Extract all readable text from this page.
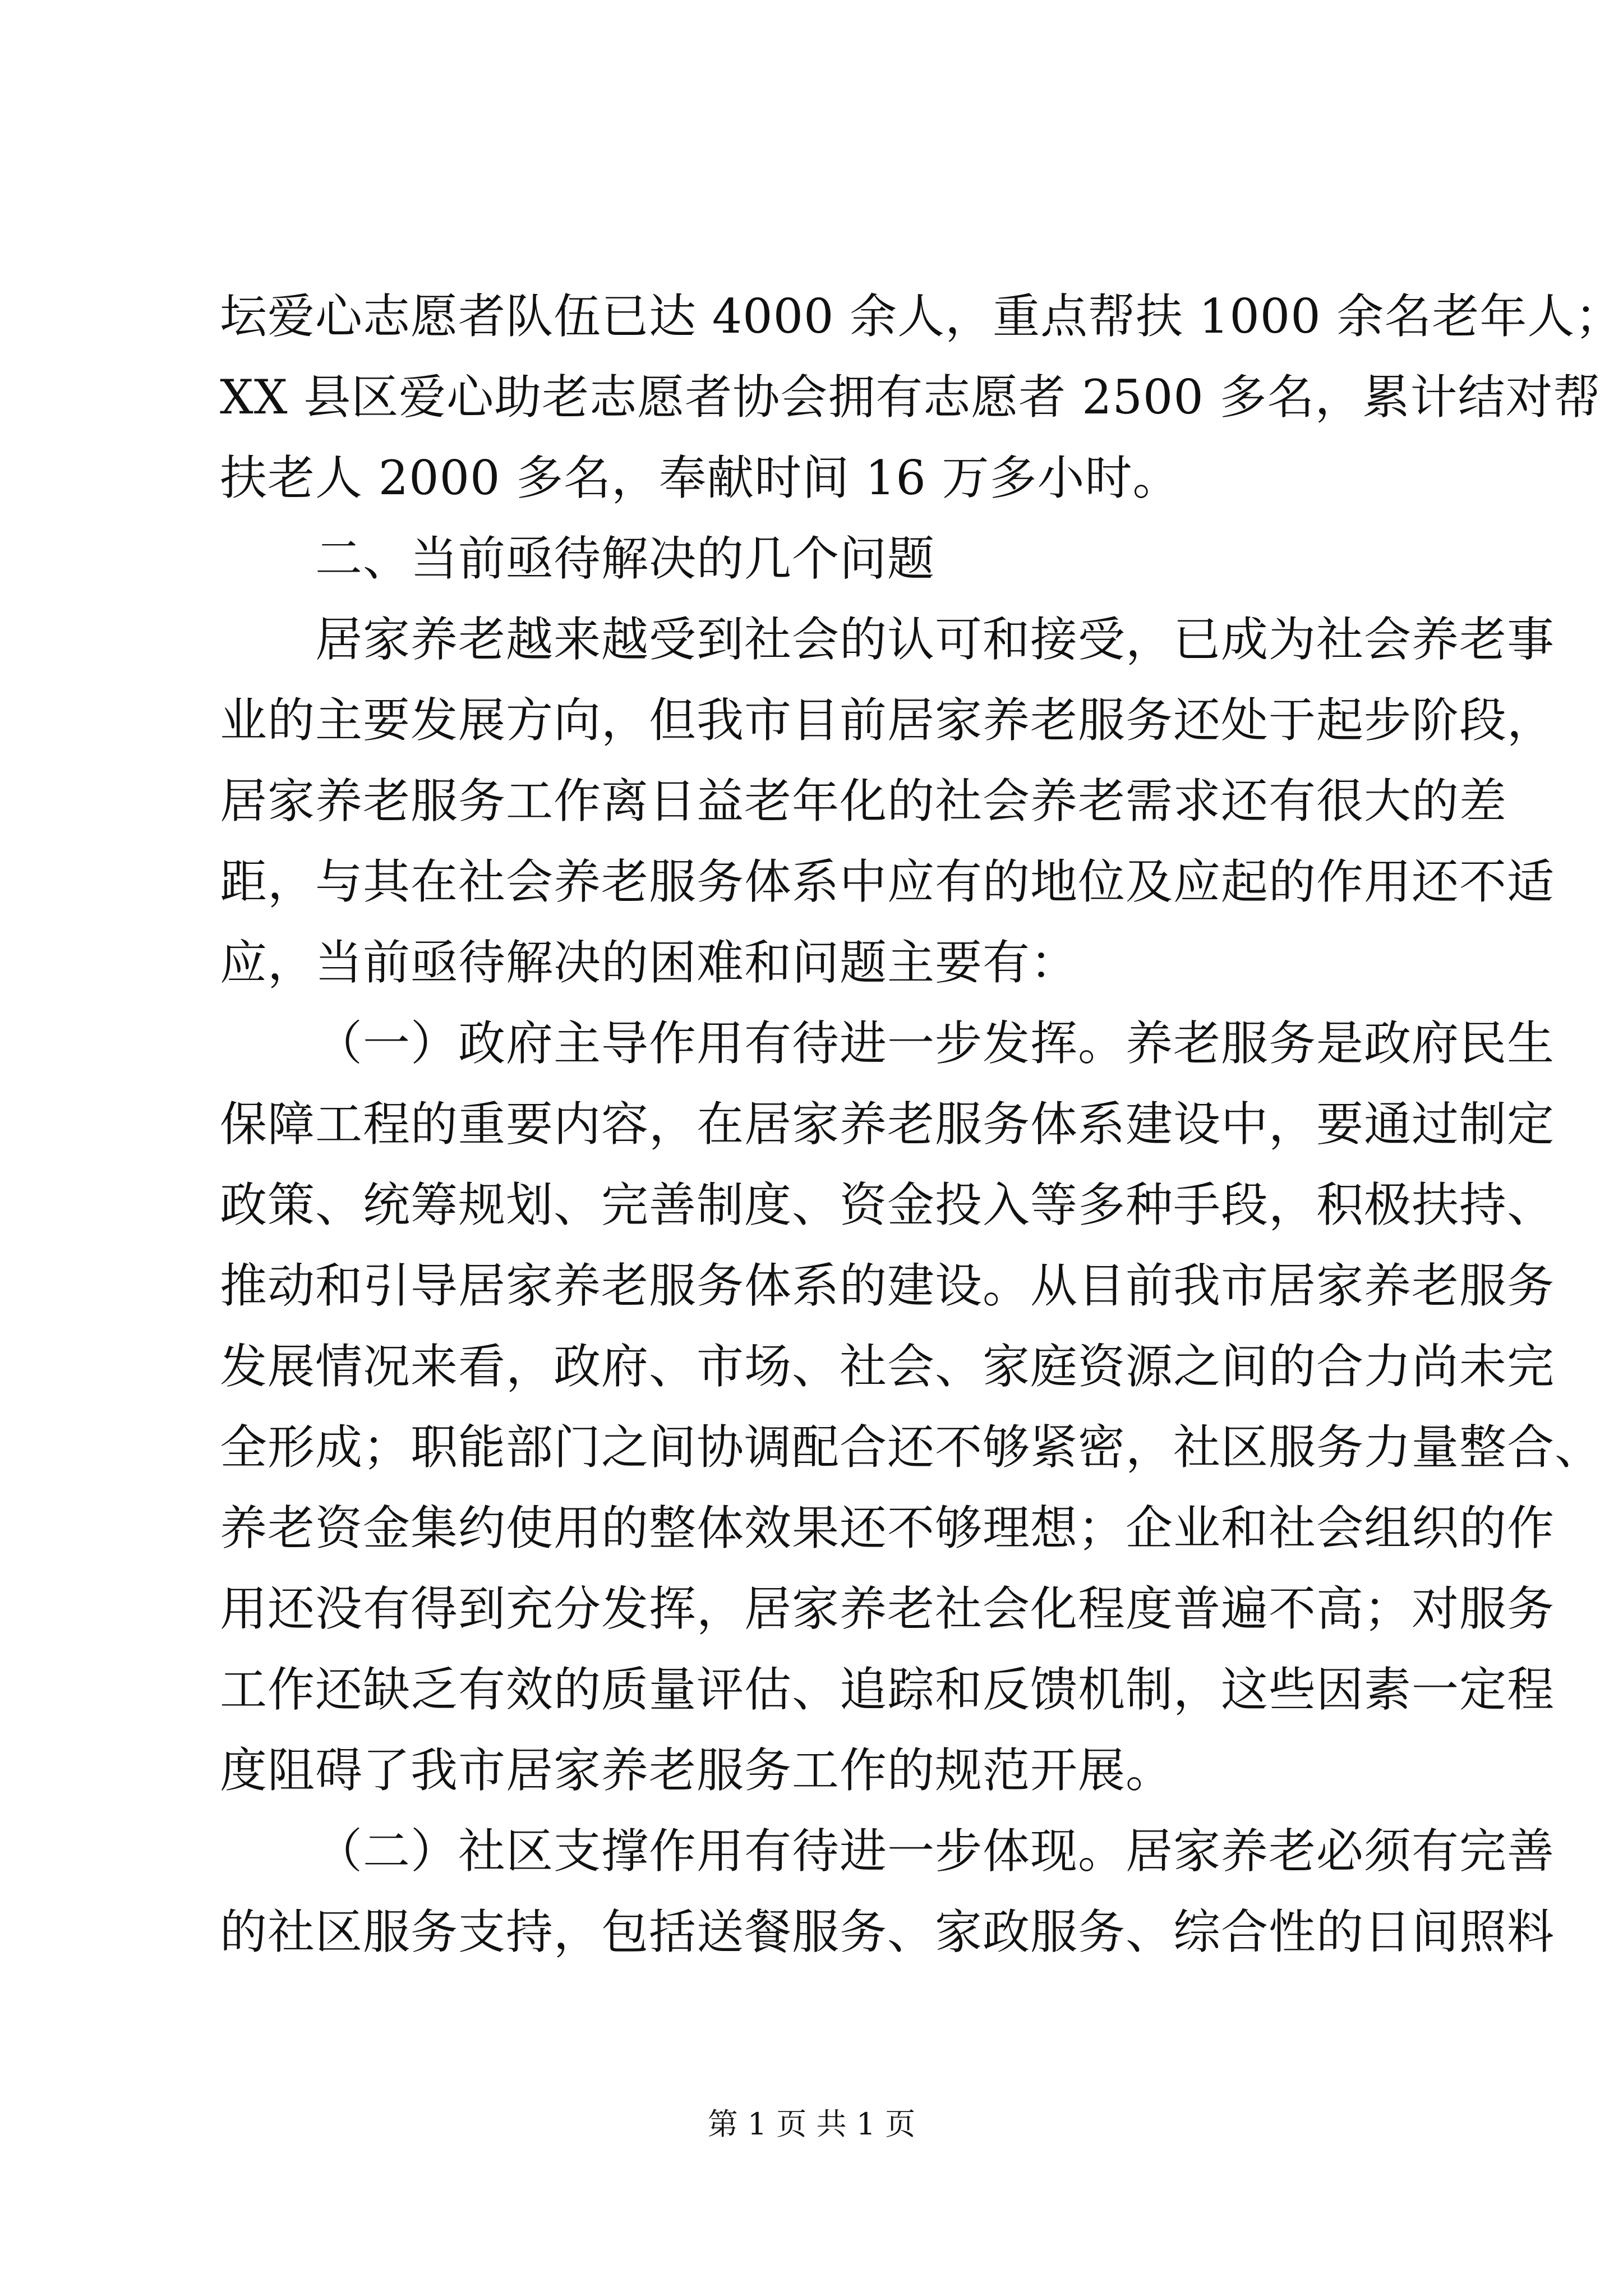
坛爱心志愿者队伍已达 4000 余人，重点帮扶 1000 余名老年人；
XX 县区爱心助老志愿者协会拥有志愿者 2500 多名，累计结对帮
扶老人 2000 多名，奉献时间 16 万多小时。
二、当前亟待解决的几个问题
居家养老越来越受到社会的认可和接受，已成为社会养老事
业的主要发展方向，但我市目前居家养老服务还处于起步阶段，
居家养老服务工作离日益老年化的社会养老需求还有很大的差
距，与其在社会养老服务体系中应有的地位及应起的作用还不适
应，当前亟待解决的困难和问题主要有：
（一）政府主导作用有待进一步发挥。养老服务是政府民生
保障工程的重要内容，在居家养老服务体系建设中，要通过制定
政策、统筹规划、完善制度、资金投入等多种手段，积极扶持、
推动和引导居家养老服务体系的建设。从目前我市居家养老服务
发展情况来看，政府、市场、社会、家庭资源之间的合力尚未完
全形成；职能部门之间协调配合还不够紧密，社区服务力量整合、
养老资金集约使用的整体效果还不够理想；企业和社会组织的作
用还没有得到充分发挥，居家养老社会化程度普遍不高；对服务
工作还缺乏有效的质量评估、追踪和反馈机制，这些因素一定程
度阻碍了我市居家养老服务工作的规范开展。
（二）社区支撑作用有待进一步体现。居家养老必须有完善
的社区服务支持，包括送餐服务、家政服务、综合性的日间照料
第 1 页 共 1 页
